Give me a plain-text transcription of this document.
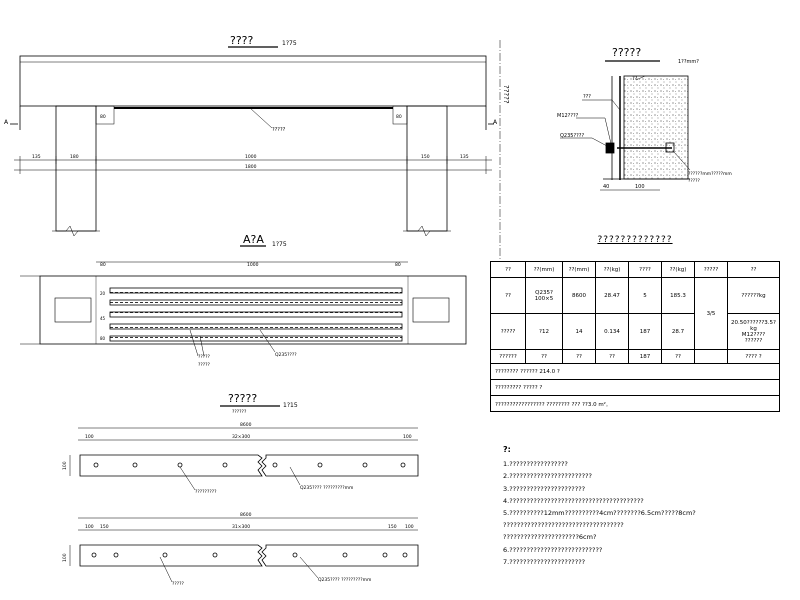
????	1?75
80	80
A	A
?????
?????
135	180	1000	150	135
1800
?????
1??mm?
??
???
M12????
Q235????
??????mm?????mm
?????
40	100
A?A 1?75
80	1000	80
20
45
80
?????
?????
Q235????
?????
??????
1?15
8600
32×300
100	100
100
?????????
Q235???? ?????????mm
8600
31×300
100 150	150 100
100
?????
Q235???? ?????????mm
?????????????
??	??(mm)	??(mm)	??(kg)	????	??(kg)	?????	??
??	Q235? 100×5	8600	28.47	5	185.3	3/5	??????kg
?????	?12	14	0.134	187	28.7		20.50??????3.5?kg
M12????
??????
??????	??	??	??	187	??		???? ?
???????? ?????? 214.0 ?							
????????? ????? ?							
????????????????? ???????? ??? ??3.0 m²。							
?:
1.?????????????????
2.????????????????????????
3.??????????????????????
4.???????????????????????????????????????
5.??????????12mm??????????4cm????????6.5cm?????8cm?
???????????????????????????????????
??????????????????????6cm?
6.???????????????????????????
7.??????????????????????
